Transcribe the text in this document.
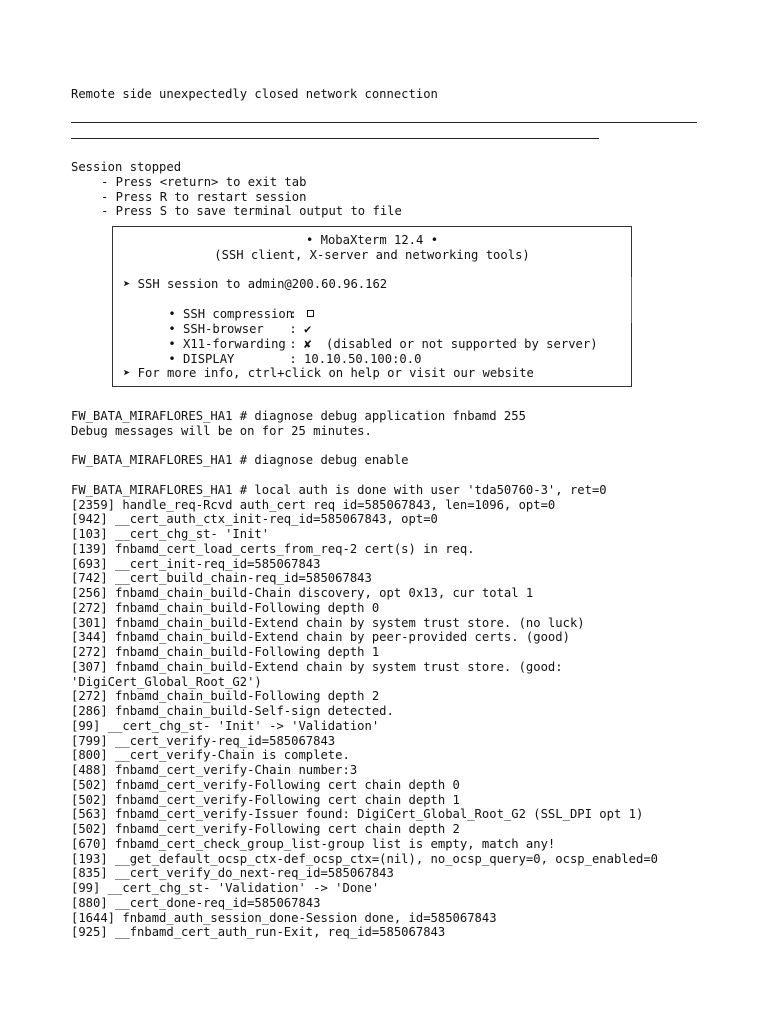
Remote side unexpectedly closed network connection
Session stopped
- Press <return> to exit tab
- Press R to restart session
- Press S to save terminal output to file
• MobaXterm 12.4 •
(SSH client, X-server and networking tools)
➤ SSH session to admin@200.60.96.162

• SSH compression:

• SSH-browser : ✔

• X11-forwarding : ✘  (disabled or not supported by server)

• DISPLAY	: 10.10.50.100:0.0

➤ For more info, ctrl+click on help or visit our website
FW_BATA_MIRAFLORES_HA1 # diagnose debug application fnbamd 255
Debug messages will be on for 25 minutes.
FW_BATA_MIRAFLORES_HA1 # diagnose debug enable
FW_BATA_MIRAFLORES_HA1 # local auth is done with user 'tda50760-3', ret=0
[2359] handle_req-Rcvd auth_cert req id=585067843, len=1096, opt=0
[942] __cert_auth_ctx_init-req_id=585067843, opt=0
[103] __cert_chg_st- 'Init'
[139] fnbamd_cert_load_certs_from_req-2 cert(s) in req.
[693] __cert_init-req_id=585067843
[742] __cert_build_chain-req_id=585067843
[256] fnbamd_chain_build-Chain discovery, opt 0x13, cur total 1
[272] fnbamd_chain_build-Following depth 0
[301] fnbamd_chain_build-Extend chain by system trust store. (no luck)
[344] fnbamd_chain_build-Extend chain by peer-provided certs. (good)
[272] fnbamd_chain_build-Following depth 1
[307] fnbamd_chain_build-Extend chain by system trust store. (good:
'DigiCert_Global_Root_G2')
[272] fnbamd_chain_build-Following depth 2
[286] fnbamd_chain_build-Self-sign detected.
[99] __cert_chg_st- 'Init' -> 'Validation'
[799] __cert_verify-req_id=585067843
[800] __cert_verify-Chain is complete.
[488] fnbamd_cert_verify-Chain number:3
[502] fnbamd_cert_verify-Following cert chain depth 0
[502] fnbamd_cert_verify-Following cert chain depth 1
[563] fnbamd_cert_verify-Issuer found: DigiCert_Global_Root_G2 (SSL_DPI opt 1)
[502] fnbamd_cert_verify-Following cert chain depth 2
[670] fnbamd_cert_check_group_list-group list is empty, match any!
[193] __get_default_ocsp_ctx-def_ocsp_ctx=(nil), no_ocsp_query=0, ocsp_enabled=0
[835] __cert_verify_do_next-req_id=585067843
[99] __cert_chg_st- 'Validation' -> 'Done'
[880] __cert_done-req_id=585067843
[1644] fnbamd_auth_session_done-Session done, id=585067843
[925] __fnbamd_cert_auth_run-Exit, req_id=585067843
